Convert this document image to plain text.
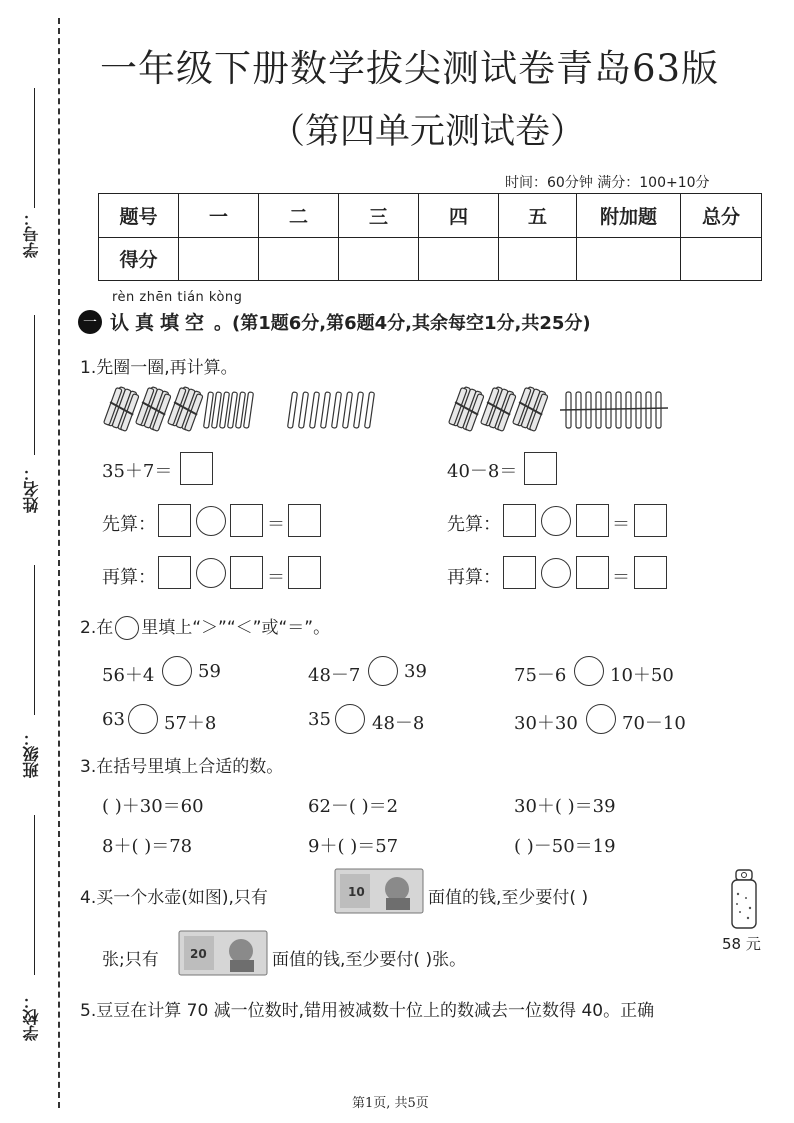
学号：
姓名：
班级：
学校：
一年级下册数学拔尖测试卷青岛63版
（第四单元测试卷）
时间：60分钟 满分：100+10分
题号	一	二	三	四	五	附加题	总分
得分							
rèn zhēn tián kòng
一 认真填空 。(第1题6分,第6题4分,其余每空1分,共25分)
1.先圈一圈,再计算。
35＋7＝	40－8＝
先算：	＝
再算：	＝
先算：	＝
再算：	＝
2.在 里填上“＞”“＜”或“＝”。
56＋4 59	48－7 39	75－6 10＋50
63 57＋8	35 48－8	30＋30 70－10
3.在括号里填上合适的数。
( )＋30＝60	62－( )＝2	30＋( )＝39
8＋( )＝78	9＋( )＝57	( )－50＝19
4.买一个水壶(如图),只有	10	面值的钱,至少要付( )
张;只有	20	面值的钱,至少要付( )张。
58 元
5.豆豆在计算 70 减一位数时,错用被减数十位上的数减去一位数得 40。正确
第1页, 共5页
